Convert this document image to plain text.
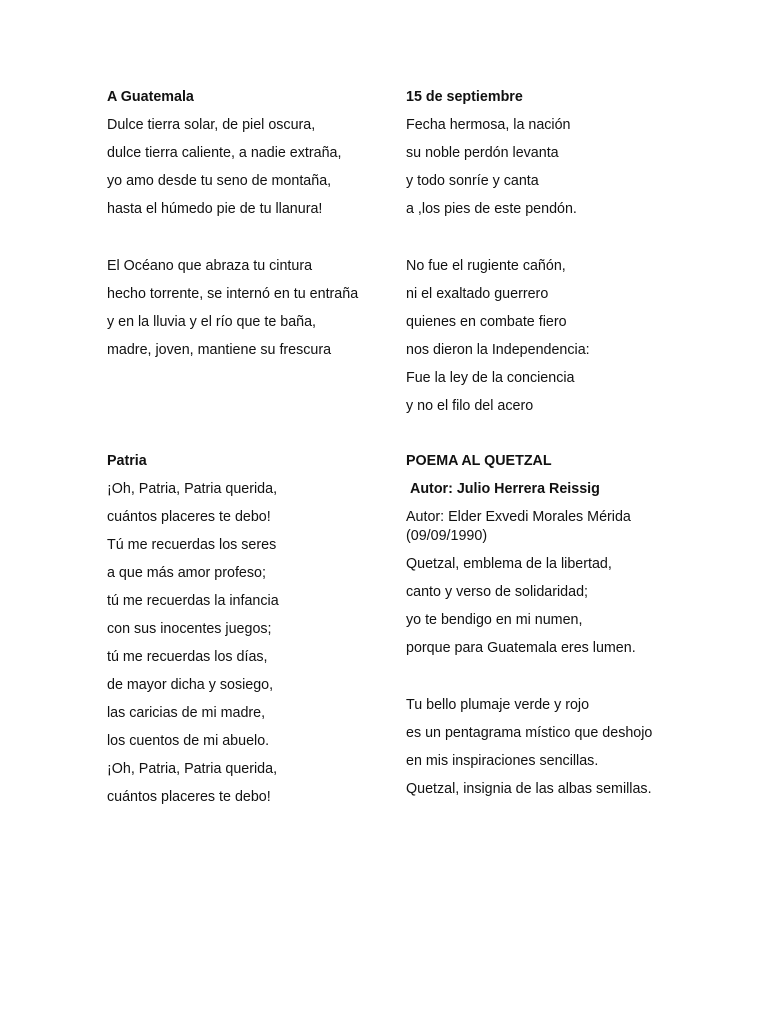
A Guatemala
Dulce tierra solar, de piel oscura,
dulce tierra caliente, a nadie extraña,
yo amo desde tu seno de montaña,
hasta el húmedo pie de tu llanura!
El Océano que abraza tu cintura
hecho torrente, se internó en tu entraña
y en la lluvia y el río que te baña,
madre, joven, mantiene su frescura
Patria
¡Oh, Patria, Patria querida,
cuántos placeres te debo!
Tú me recuerdas los seres
a que más amor profeso;
tú me recuerdas la infancia
con sus inocentes juegos;
tú me recuerdas los días,
de mayor dicha y sosiego,
las caricias de mi madre,
los cuentos de mi abuelo.
¡Oh, Patria, Patria querida,
cuántos placeres te debo!
15 de septiembre
Fecha hermosa, la nación
su noble perdón levanta
y todo sonríe y canta
a ,los pies de este pendón.
No fue el rugiente cañón,
ni el exaltado guerrero
quienes en combate fiero
nos dieron la Independencia:
Fue la ley de la conciencia
y no el filo del acero
POEMA AL QUETZAL
Autor: Julio Herrera Reissig
Autor: Elder Exvedi Morales Mérida (09/09/1990)
Quetzal, emblema de la libertad,
canto y verso de solidaridad;
yo te bendigo en mi numen,
porque para Guatemala eres lumen.
Tu bello plumaje verde y rojo
es un pentagrama místico que deshojo
en mis inspiraciones sencillas.
Quetzal, insignia de las albas semillas.
